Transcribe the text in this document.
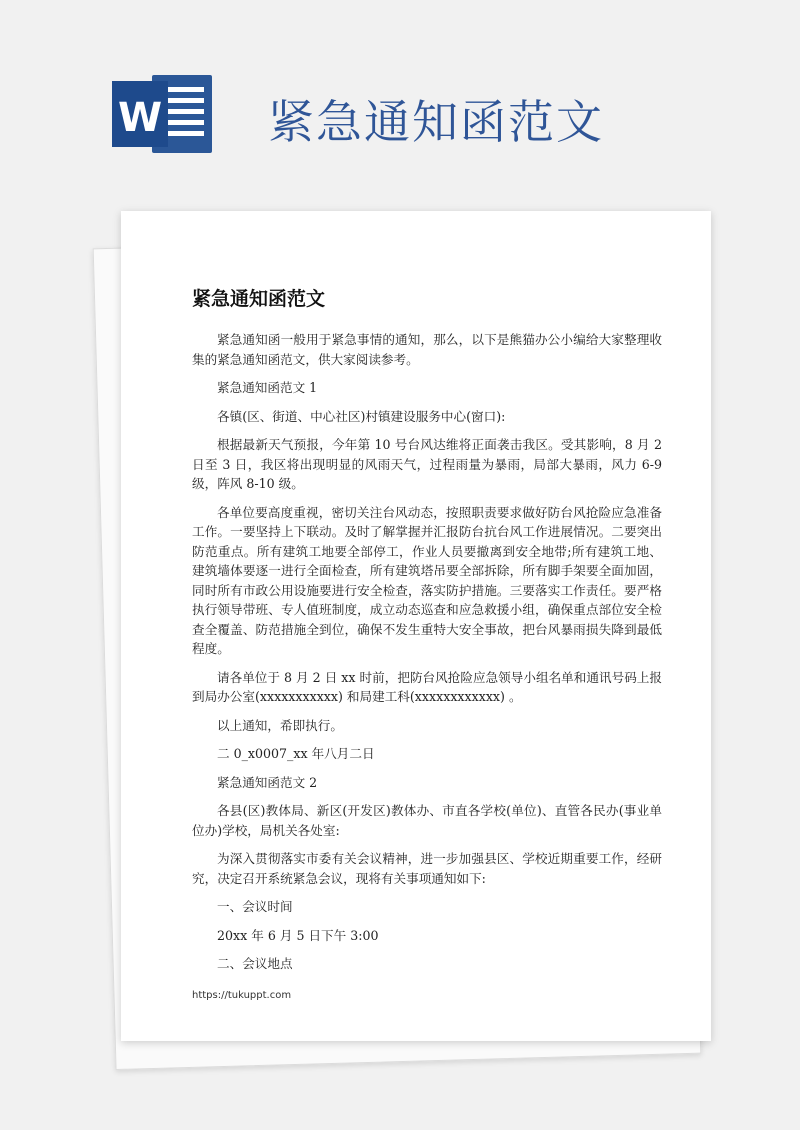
W 紧急通知函范文
紧急通知函范文

紧急通知函一般用于紧急事情的通知，那么，以下是熊猫办公小编给大家整理收集的紧急通知函范文，供大家阅读参考。

紧急通知函范文 1

各镇(区、街道、中心社区)村镇建设服务中心(窗口):

根据最新天气预报，今年第 10 号台风达维将正面袭击我区。受其影响，8 月 2 日至 3 日，我区将出现明显的风雨天气，过程雨量为暴雨，局部大暴雨，风力 6-9 级，阵风 8-10 级。

各单位要高度重视，密切关注台风动态，按照职责要求做好防台风抢险应急准备工作。一要坚持上下联动。及时了解掌握并汇报防台抗台风工作进展情况。二要突出防范重点。所有建筑工地要全部停工，作业人员要撤离到安全地带;所有建筑工地、建筑墙体要逐一进行全面检查，所有建筑塔吊要全部拆除，所有脚手架要全面加固，同时所有市政公用设施要进行安全检查，落实防护措施。三要落实工作责任。要严格执行领导带班、专人值班制度，成立动态巡查和应急救援小组，确保重点部位安全检查全覆盖、防范措施全到位，确保不发生重特大安全事故，把台风暴雨损失降到最低程度。

请各单位于 8 月 2 日 xx 时前，把防台风抢险应急领导小组名单和通讯号码上报到局办公室(xxxxxxxxxxx) 和局建工科(xxxxxxxxxxxx) 。

以上通知，希即执行。

二 0_x0007_xx 年八月二日

紧急通知函范文 2

各县(区)教体局、新区(开发区)教体办、市直各学校(单位)、直管各民办(事业单位办)学校，局机关各处室:

为深入贯彻落实市委有关会议精神，进一步加强县区、学校近期重要工作，经研究，决定召开系统紧急会议，现将有关事项通知如下:

一、会议时间

20xx 年 6 月 5 日下午 3:00

二、会议地点

https://tukuppt.com
